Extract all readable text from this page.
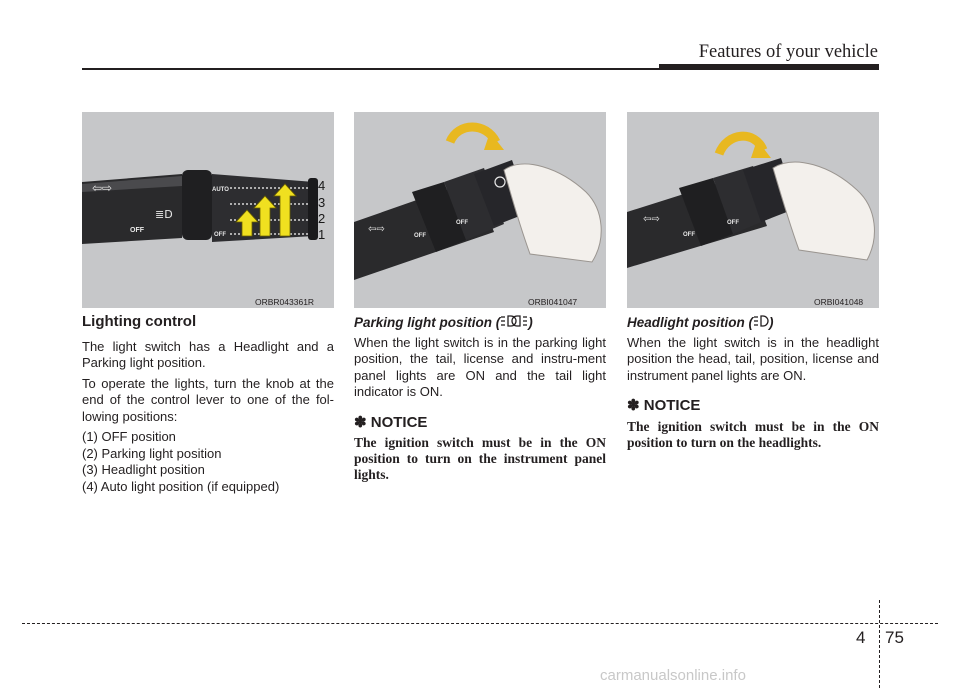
Features of your vehicle
⇦⇨
≣D
OFF
AUTO
OFF
4
3
2
1
ORBR043361R
⇦⇨
OFF
OFF
ORBI041047
⇦⇨
OFF
OFF
ORBI041048
Lighting control

The light switch has a Headlight and a Parking light position.

To operate the lights, turn the knob at the end of the control lever to one of the fol-lowing positions:

(1) OFF position

(2) Parking light position

(3) Headlight position

(4) Auto light position (if equipped)

Parking light position ( )

When the light switch is in the parking light position, the tail, license and instru-ment panel lights are ON and the tail light indicator is ON.

✽ NOTICE

The ignition switch must be in the ON position to turn on the instrument panel lights.

Headlight position ( )

When the light switch is in the headlight position the head, tail, position, license and instrument panel lights are ON.

✽ NOTICE

The ignition switch must be in the ON position to turn on the headlights.

4 75
carmanualsonline.info
